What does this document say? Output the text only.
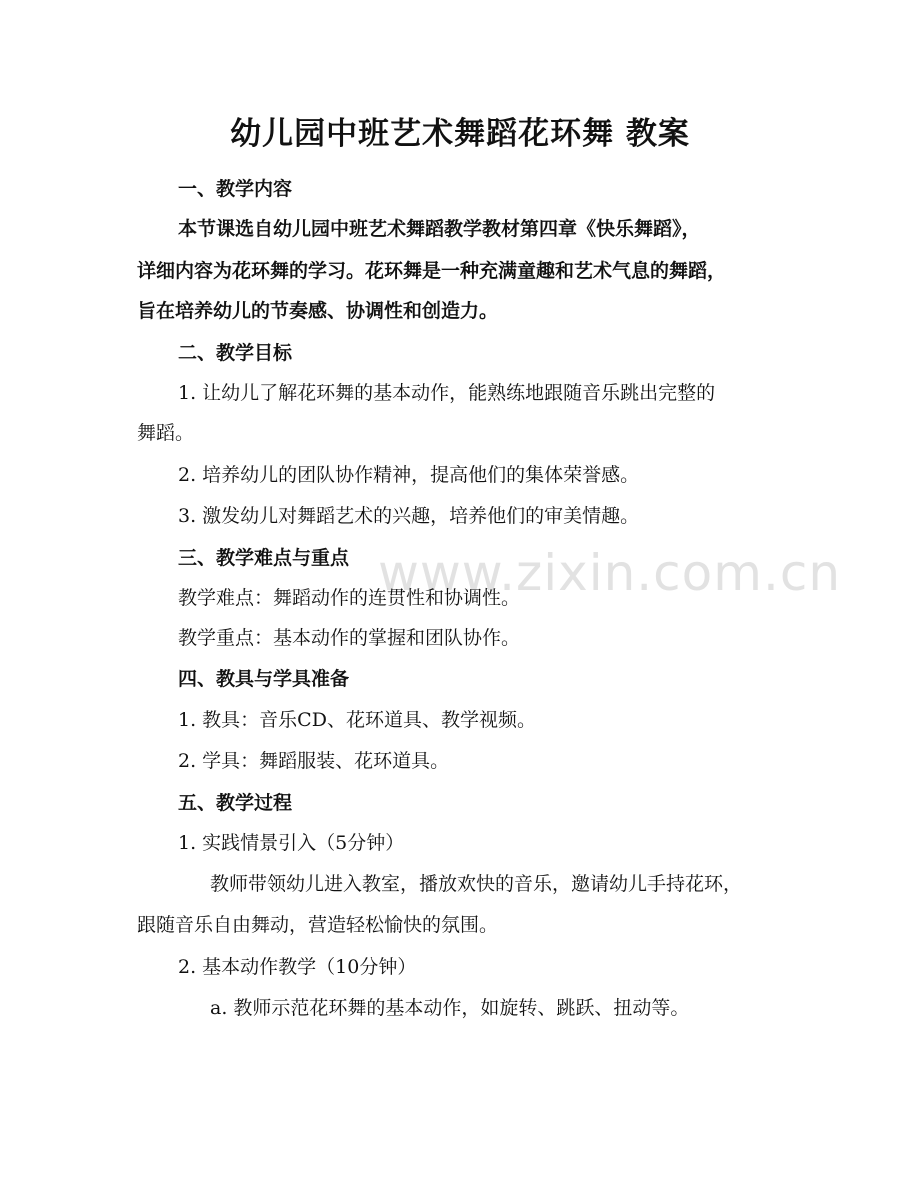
www.zixin.com.cn
幼儿园中班艺术舞蹈花环舞 教案
一、教学内容
本节课选自幼儿园中班艺术舞蹈教学教材第四章《快乐舞蹈》，
详细内容为花环舞的学习。花环舞是一种充满童趣和艺术气息的舞蹈，
旨在培养幼儿的节奏感、协调性和创造力。
二、教学目标
1. 让幼儿了解花环舞的基本动作，能熟练地跟随音乐跳出完整的
舞蹈。
2. 培养幼儿的团队协作精神，提高他们的集体荣誉感。
3. 激发幼儿对舞蹈艺术的兴趣，培养他们的审美情趣。
三、教学难点与重点
教学难点：舞蹈动作的连贯性和协调性。
教学重点：基本动作的掌握和团队协作。
四、教具与学具准备
1. 教具：音乐CD、花环道具、教学视频。
2. 学具：舞蹈服装、花环道具。
五、教学过程
1. 实践情景引入（5分钟）
教师带领幼儿进入教室，播放欢快的音乐，邀请幼儿手持花环，
跟随音乐自由舞动，营造轻松愉快的氛围。
2. 基本动作教学（10分钟）
a. 教师示范花环舞的基本动作，如旋转、跳跃、扭动等。
